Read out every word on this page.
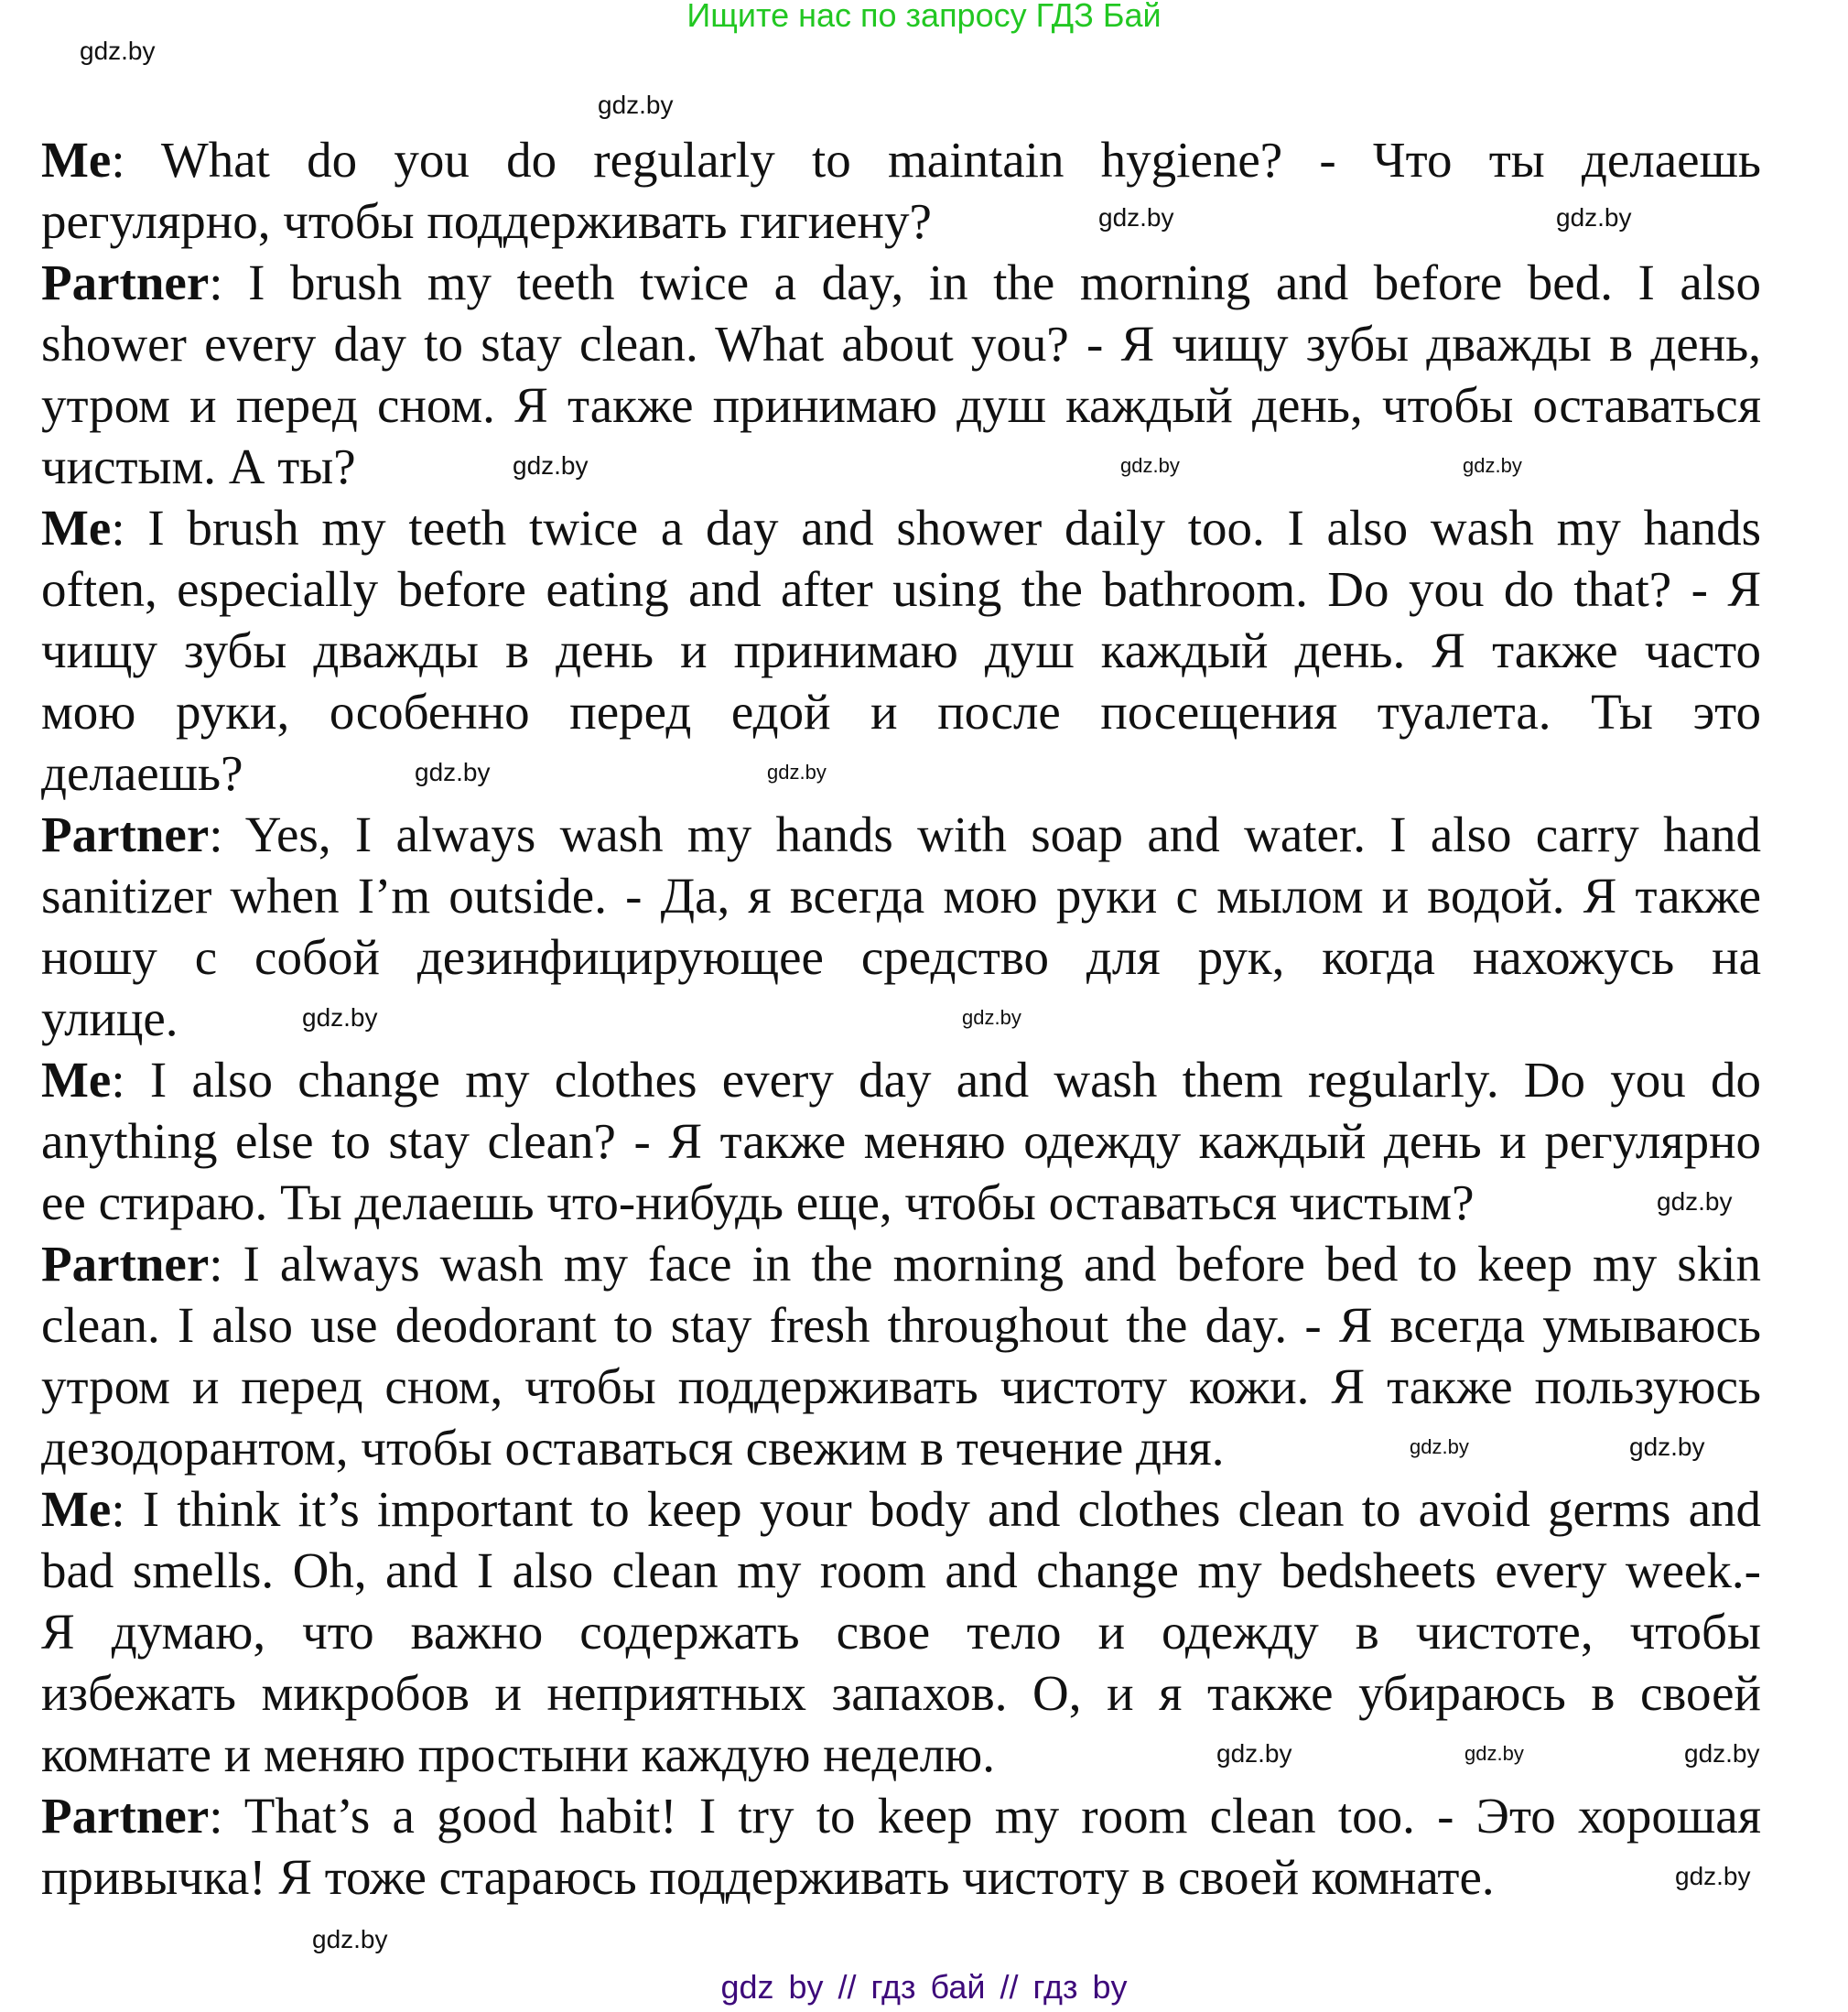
Ищите нас по запросу ГДЗ Бай
Me: What do you do regularly to maintain hygiene? - Что ты делаешь
регулярно, чтобы поддерживать гигиену?
Partner: I brush my teeth twice a day, in the morning and before bed. I also
shower every day to stay clean. What about you? - Я чищу зубы дважды в день,
утром и перед сном. Я также принимаю душ каждый день, чтобы оставаться
чистым. А ты?
Me: I brush my teeth twice a day and shower daily too. I also wash my hands
often, especially before eating and after using the bathroom. Do you do that? - Я
чищу зубы дважды в день и принимаю душ каждый день. Я также часто
мою руки, особенно перед едой и после посещения туалета. Ты это
делаешь?
Partner: Yes, I always wash my hands with soap and water. I also carry hand
sanitizer when I’m outside. - Да, я всегда мою руки с мылом и водой. Я также
ношу с собой дезинфицирующее средство для рук, когда нахожусь на
улице.
Me: I also change my clothes every day and wash them regularly. Do you do
anything else to stay clean? - Я также меняю одежду каждый день и регулярно
ее стираю. Ты делаешь что-нибудь еще, чтобы оставаться чистым?
Partner: I always wash my face in the morning and before bed to keep my skin
clean. I also use deodorant to stay fresh throughout the day. - Я всегда умываюсь
утром и перед сном, чтобы поддерживать чистоту кожи. Я также пользуюсь
дезодорантом, чтобы оставаться свежим в течение дня.
Me: I think it’s important to keep your body and clothes clean to avoid germs and
bad smells. Oh, and I also clean my room and change my bedsheets every week.-
Я думаю, что важно содержать свое тело и одежду в чистоте, чтобы
избежать микробов и неприятных запахов. О, и я также убираюсь в своей
комнате и меняю простыни каждую неделю.
Partner: That’s a good habit! I try to keep my room clean too. - Это хорошая
привычка! Я тоже стараюсь поддерживать чистоту в своей комнате.
gdz.by
gdz.by
gdz.by	gdz.by
gdz.by
gdz.by	gdz.by
gdz.by	gdz.by
gdz.by	gdz.by
gdz.by
gdz.by	gdz.by
gdz.by	gdz.by
gdz.by
gdz.by
gdz.by
gdz by // гдз бай // гдз by
